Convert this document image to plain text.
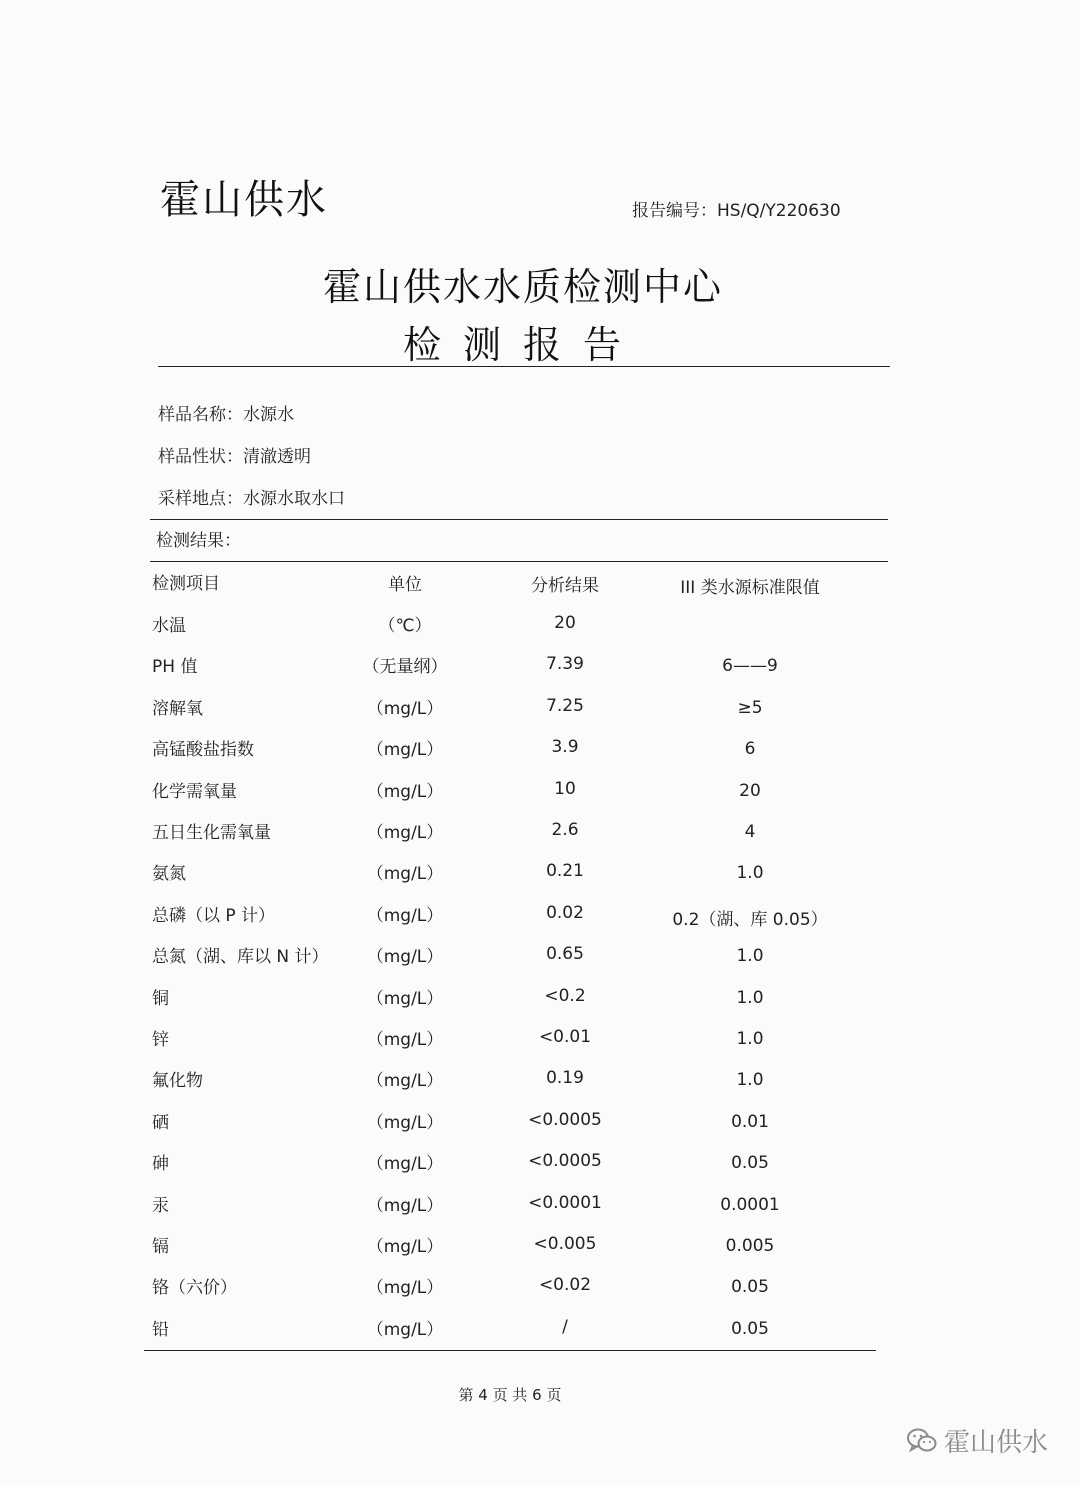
霍山供水	报告编号：HS/Q/Y220630
霍山供水水质检测中心
检测报告
样品名称：水源水
样品性状：清澈透明
采样地点：水源水取水口
检测结果：
检测项目	单位	分析结果	III 类水源标准限值
水温	（℃）	20
PH 值	（无量纲）	7.39	6——9
溶解氧	（mg/L）	7.25	≥5
高锰酸盐指数	（mg/L）	3.9	6
化学需氧量	（mg/L）	10	20
五日生化需氧量	（mg/L）	2.6	4
氨氮	（mg/L）	0.21	1.0
总磷（以 P 计）	（mg/L）	0.02	0.2（湖、库 0.05）
总氮（湖、库以 N 计）	（mg/L）	0.65	1.0
铜	（mg/L）	<0.2	1.0
锌	（mg/L）	<0.01	1.0
氟化物	（mg/L）	0.19	1.0
硒	（mg/L）	<0.0005	0.01
砷	（mg/L）	<0.0005	0.05
汞	（mg/L）	<0.0001	0.0001
镉	（mg/L）	<0.005	0.005
铬（六价）	（mg/L）	<0.02	0.05
铅	（mg/L）	/	0.05
第 4 页 共 6 页
霍山供水
